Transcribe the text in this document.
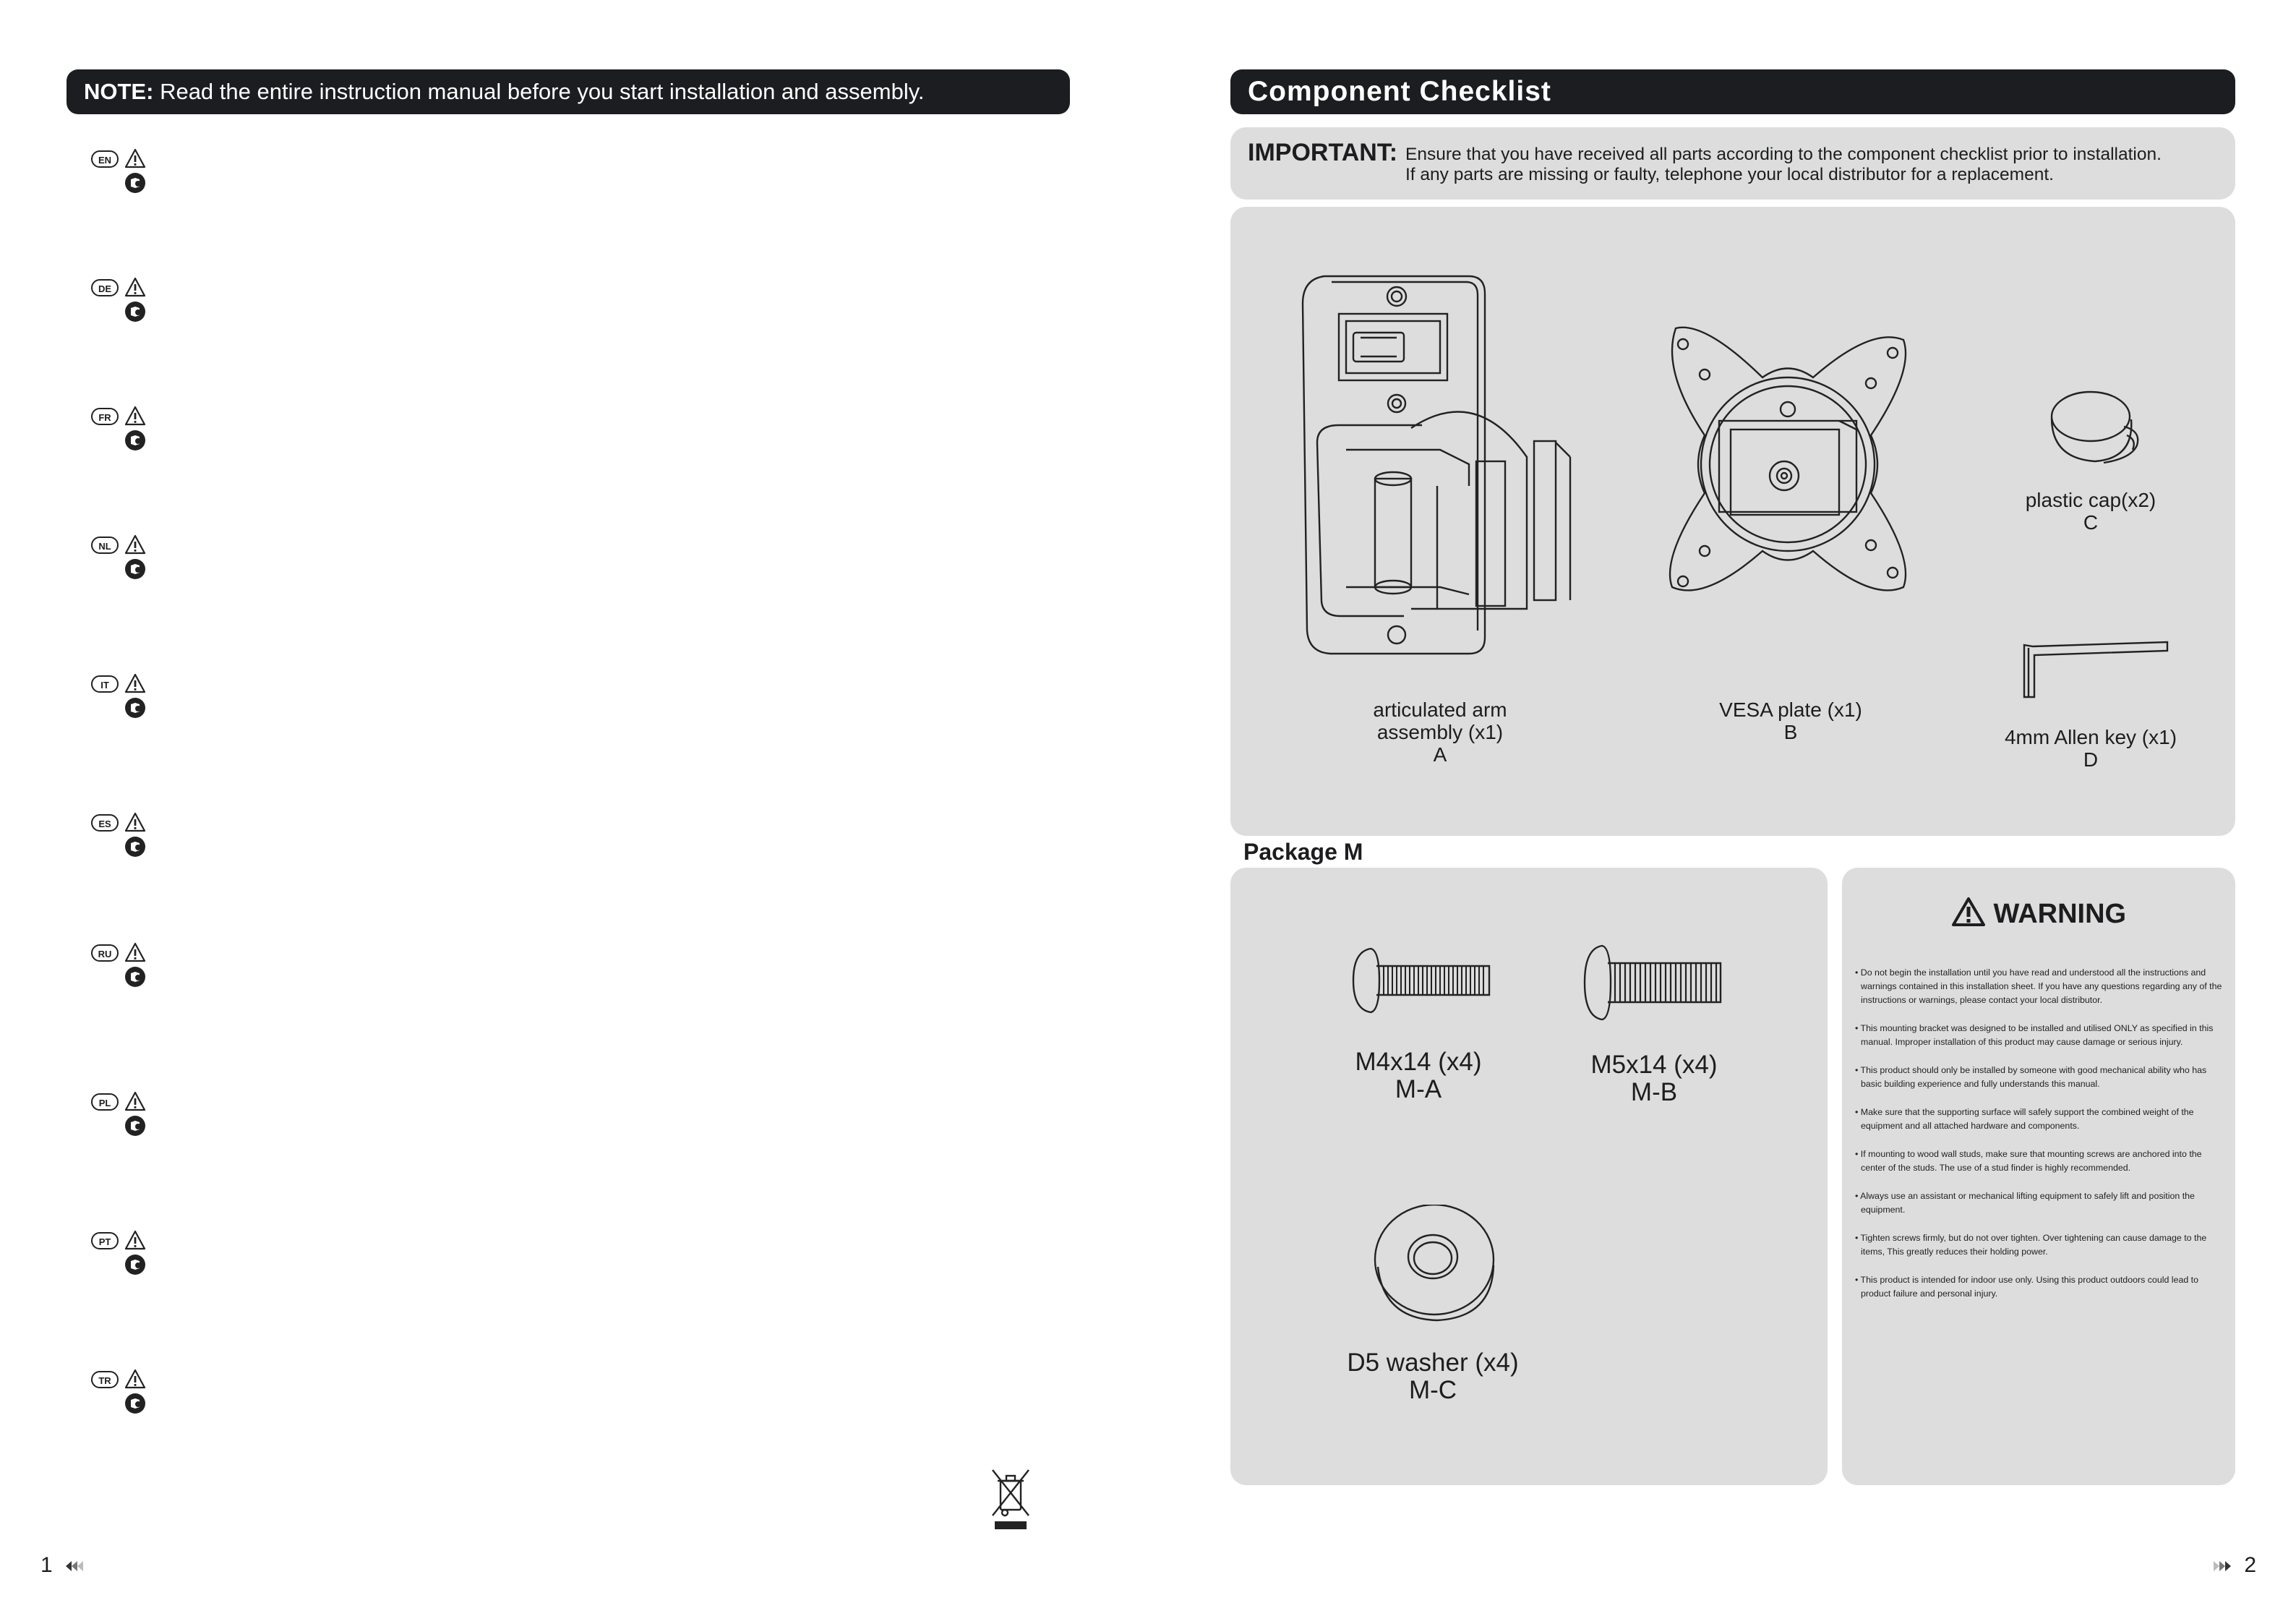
NOTE: Read the entire instruction manual before you start installation and assembly.
EN
DE
FR
NL
IT
ES
RU
PL
PT
TR
1
Component Checklist
IMPORTANT: Ensure that you have received all parts according to the component checklist prior to installation.
If any parts are missing or faulty, telephone your local distributor for a replacement.
articulated arm
assembly (x1)
A
VESA plate (x1)
B
plastic cap(x2)
C
4mm Allen key (x1)
D
Package M
M4x14 (x4)
M-A
M5x14 (x4)
M-B
D5 washer (x4)
M-C
WARNING

• Do not begin the installation until you have read and understood all the instructions and warnings contained in this installation sheet. If you have any questions regarding any of the instructions or warnings, please contact your local distributor.

• This mounting bracket was designed to be installed and utilised ONLY as specified in this manual. Improper installation of this product may cause damage or serious injury.

• This product should only be installed by someone with good mechanical ability who has basic building experience and fully understands this manual.

• Make sure that the supporting surface will safely support the combined weight of the equipment and all attached hardware and components.

• If mounting to wood wall studs, make sure that mounting screws are anchored into the center of the studs. The use of a stud finder is highly recommended.

• Always use an assistant or mechanical lifting equipment to safely lift and position the equipment.

• Tighten screws firmly, but do not over tighten. Over tightening can cause damage to the items, This greatly reduces their holding power.

• This product is intended for indoor use only. Using this product outdoors could lead to product failure and personal injury.

2
